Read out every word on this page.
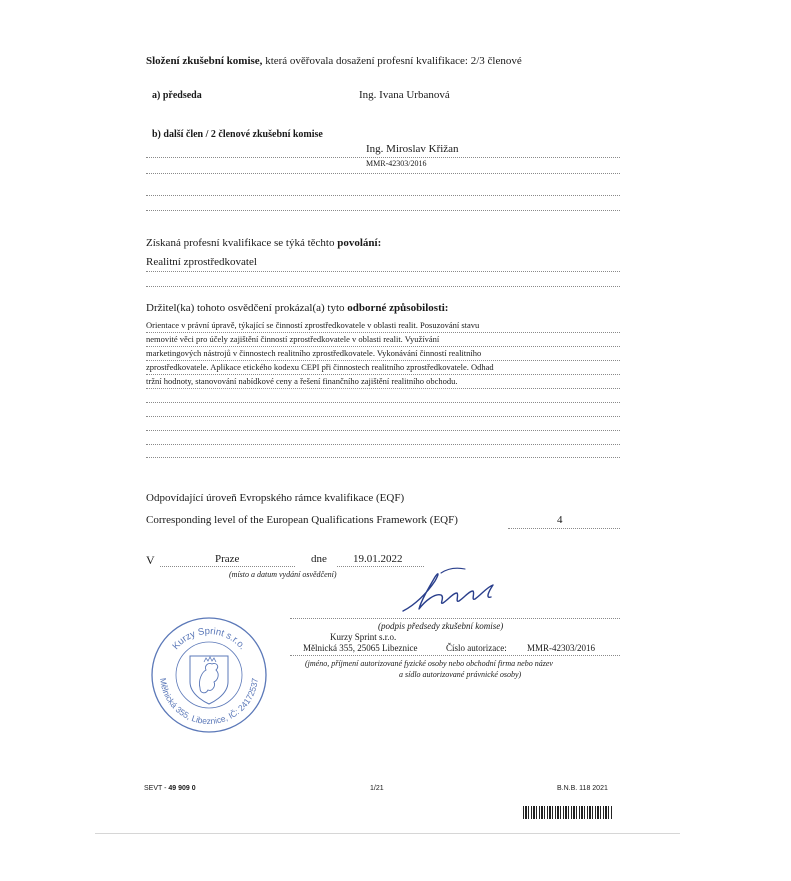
Složení zkušební komise, která ověřovala dosažení profesní kvalifikace: 2/3 členové
a) předseda	Ing. Ivana Urbanová
b) další člen / 2 členové zkušební komise
Ing. Miroslav Křižan
MMR-42303/2016
Získaná profesní kvalifikace se týká těchto povolání:
Realitní zprostředkovatel
Držitel(ka) tohoto osvědčení prokázal(a) tyto odborné způsobilosti:
Orientace v právní úpravě, týkající se činností zprostředkovatele v oblasti realit. Posuzování stavu
nemovité věci pro účely zajištění činností zprostředkovatele v oblasti realit. Využívání
marketingových nástrojů v činnostech realitního zprostředkovatele. Vykonávání činností realitního
zprostředkovatele. Aplikace etického kodexu CEPI při činnostech realitního zprostředkovatele. Odhad
tržní hodnoty, stanovování nabídkové ceny a řešení finančního zajištění realitního obchodu.
Odpovídající úroveň Evropského rámce kvalifikace (EQF)
Corresponding level of the European Qualifications Framework (EQF)	4
V	Praze	dne 19.01.2022
(místo a datum vydání osvědčení)
(podpis předsedy zkušební komise)
Kurzy Sprint s.r.o.
Mělnická 355, 25065 Libeznice	Číslo autorizace: MMR-42303/2016
(jméno, příjmení autorizované fyzické osoby nebo obchodní firma nebo název
a sídlo autorizované právnické osoby)
Kurzy Sprint s.r.o.
Mělnická 355, Libeznice, IČ: 24172537
SEVT - 49 909 0	1/21	B.N.B. 118 2021
